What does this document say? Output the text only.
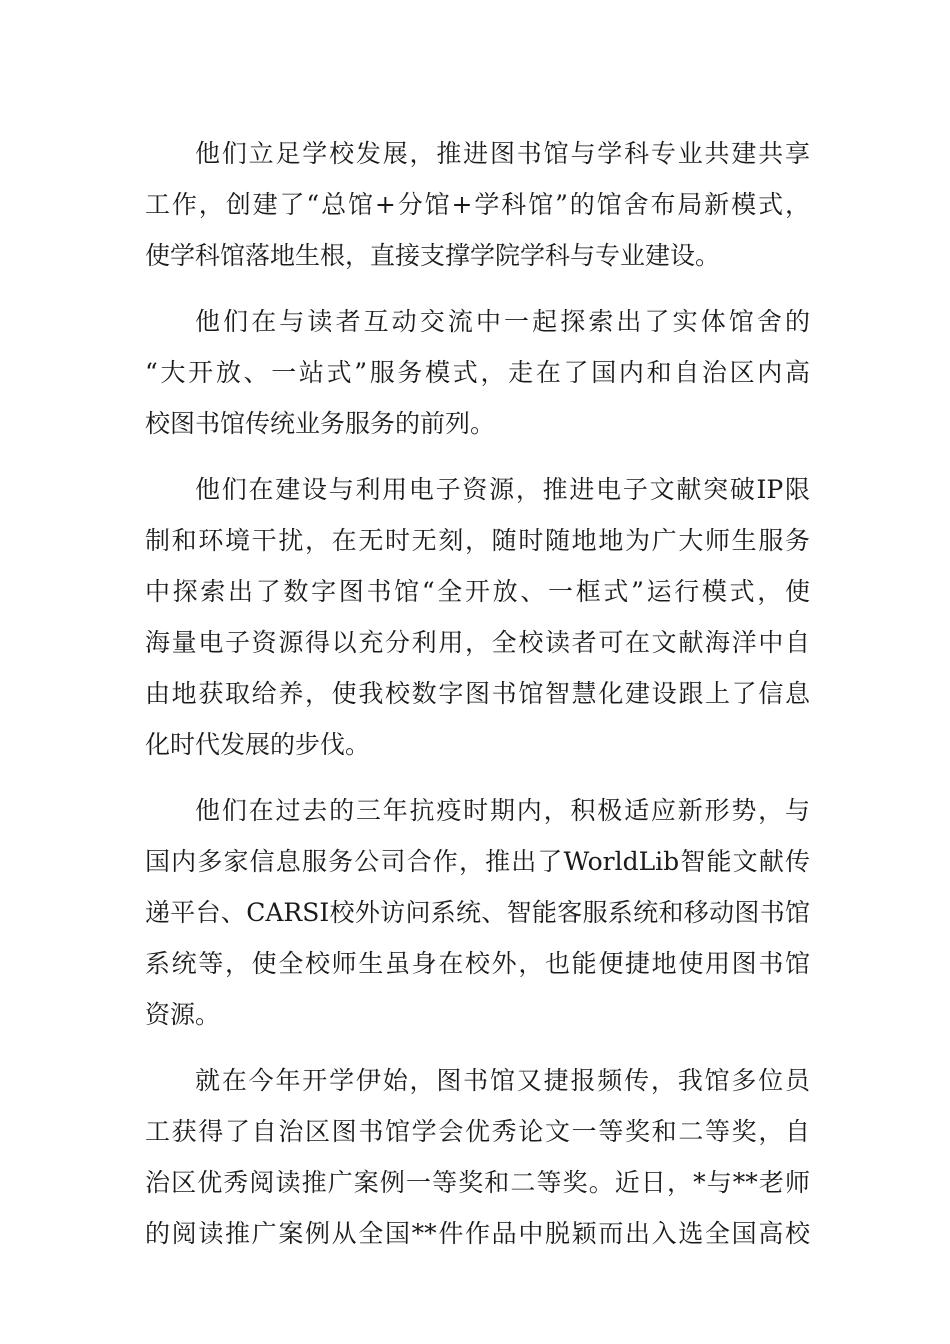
他们立足学校发展，推进图书馆与学科专业共建共享
工作，创建了“总馆+分馆+学科馆”的馆舍布局新模式，
使学科馆落地生根，直接支撑学院学科与专业建设。
他们在与读者互动交流中一起探索出了实体馆舍的
“大开放、一站式”服务模式，走在了国内和自治区内高
校图书馆传统业务服务的前列。
他们在建设与利用电子资源，推进电子文献突破IP限
制和环境干扰，在无时无刻，随时随地地为广大师生服务
中探索出了数字图书馆“全开放、一框式”运行模式，使
海量电子资源得以充分利用，全校读者可在文献海洋中自
由地获取给养，使我校数字图书馆智慧化建设跟上了信息
化时代发展的步伐。
他们在过去的三年抗疫时期内，积极适应新形势，与
国内多家信息服务公司合作，推出了WorldLib智能文献传
递平台、CARSI校外访问系统、智能客服系统和移动图书馆
系统等，使全校师生虽身在校外，也能便捷地使用图书馆
资源。
就在今年开学伊始，图书馆又捷报频传，我馆多位员
工获得了自治区图书馆学会优秀论文一等奖和二等奖，自
治区优秀阅读推广案例一等奖和二等奖。近日，*与**老师
的阅读推广案例从全国**件作品中脱颖而出入选全国高校
